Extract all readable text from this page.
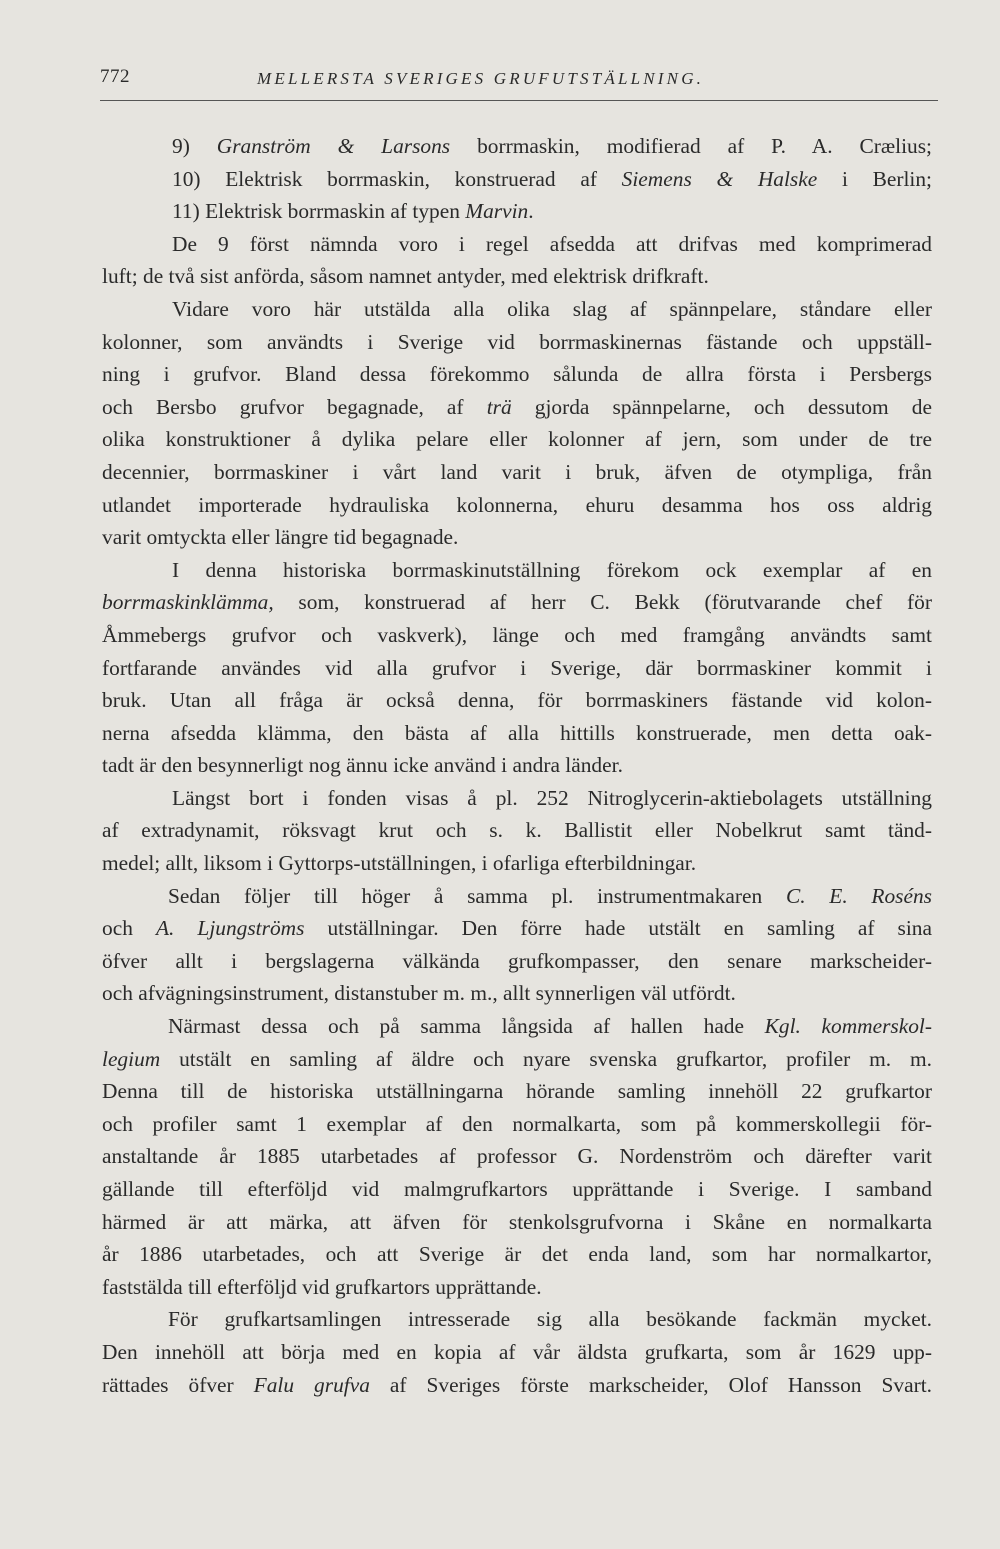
772	MELLERSTA SVERIGES GRUFUTSTÄLLNING.
9) Granström & Larsons borrmaskin, modifierad af P. A. Crælius;
10) Elektrisk borrmaskin, konstruerad af Siemens & Halske i Berlin;
11) Elektrisk borrmaskin af typen Marvin.
De 9 först nämnda voro i regel afsedda att drifvas med komprimerad
luft; de två sist anförda, såsom namnet antyder, med elektrisk drifkraft.
Vidare voro här utstälda alla olika slag af spännpelare, ståndare eller
kolonner, som användts i Sverige vid borrmaskinernas fästande och uppställ-
ning i grufvor. Bland dessa förekommo sålunda de allra första i Persbergs
och Bersbo grufvor begagnade, af trä gjorda spännpelarne, och dessutom de
olika konstruktioner å dylika pelare eller kolonner af jern, som under de tre
decennier, borrmaskiner i vårt land varit i bruk, äfven de otympliga, från
utlandet importerade hydrauliska kolonnerna, ehuru desamma hos oss aldrig
varit omtyckta eller längre tid begagnade.
I denna historiska borrmaskinutställning förekom ock exemplar af en
borrmaskinklämma, som, konstruerad af herr C. Bekk (förutvarande chef för
Åmmebergs grufvor och vaskverk), länge och med framgång användts samt
fortfarande användes vid alla grufvor i Sverige, där borrmaskiner kommit i
bruk. Utan all fråga är också denna, för borrmaskiners fästande vid kolon-
nerna afsedda klämma, den bästa af alla hittills konstruerade, men detta oak-
tadt är den besynnerligt nog ännu icke använd i andra länder.
Längst bort i fonden visas å pl. 252 Nitroglycerin-aktiebolagets utställning
af extradynamit, röksvagt krut och s. k. Ballistit eller Nobelkrut samt tänd-
medel; allt, liksom i Gyttorps-utställningen, i ofarliga efterbildningar.
Sedan följer till höger å samma pl. instrumentmakaren C. E. Roséns
och A. Ljungströms utställningar. Den förre hade utstält en samling af sina
öfver allt i bergslagerna välkända grufkompasser, den senare markscheider-
och afvägningsinstrument, distanstuber m. m., allt synnerligen väl utfördt.
Närmast dessa och på samma långsida af hallen hade Kgl. kommerskol-
legium utstält en samling af äldre och nyare svenska grufkartor, profiler m. m.
Denna till de historiska utställningarna hörande samling innehöll 22 grufkartor
och profiler samt 1 exemplar af den normalkarta, som på kommerskollegii för-
anstaltande år 1885 utarbetades af professor G. Nordenström och därefter varit
gällande till efterföljd vid malmgrufkartors upprättande i Sverige. I samband
härmed är att märka, att äfven för stenkolsgrufvorna i Skåne en normalkarta
år 1886 utarbetades, och att Sverige är det enda land, som har normalkartor,
faststälda till efterföljd vid grufkartors upprättande.
För grufkartsamlingen intresserade sig alla besökande fackmän mycket.
Den innehöll att börja med en kopia af vår äldsta grufkarta, som år 1629 upp-
rättades öfver Falu grufva af Sveriges förste markscheider, Olof Hansson Svart.
